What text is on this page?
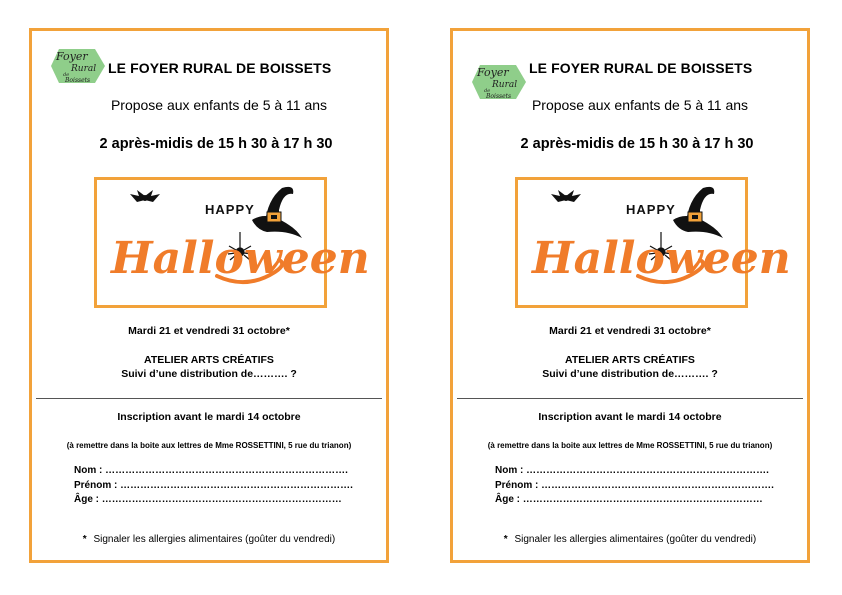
Foyer
Rural
de
Boissets
LE FOYER RURAL DE BOISSETS
Propose aux enfants de 5 à 11 ans
2 après-midis de 15 h 30 à 17 h 30
HAPPY
Halloween
Mardi 21 et vendredi 31 octobre*
ATELIER ARTS CRÉATIFS
Suivi d’une distribution de………. ?
Inscription avant le mardi 14 octobre
(à remettre dans la boite aux lettres de Mme ROSSETTINI, 5 rue du trianon)
Nom : ……………………………………………………………….
Prénom : …………………………………………………………….
Âge : ………………………………………………………………
* Signaler les allergies alimentaires (goûter du vendredi)
Foyer
Rural
de
Boissets
LE FOYER RURAL DE BOISSETS
Propose aux enfants de 5 à 11 ans
2 après-midis de 15 h 30 à 17 h 30
HAPPY
Halloween
Mardi 21 et vendredi 31 octobre*
ATELIER ARTS CRÉATIFS
Suivi d’une distribution de………. ?
Inscription avant le mardi 14 octobre
(à remettre dans la boite aux lettres de Mme ROSSETTINI, 5 rue du trianon)
Nom : ……………………………………………………………….
Prénom : …………………………………………………………….
Âge : ………………………………………………………………
* Signaler les allergies alimentaires (goûter du vendredi)
